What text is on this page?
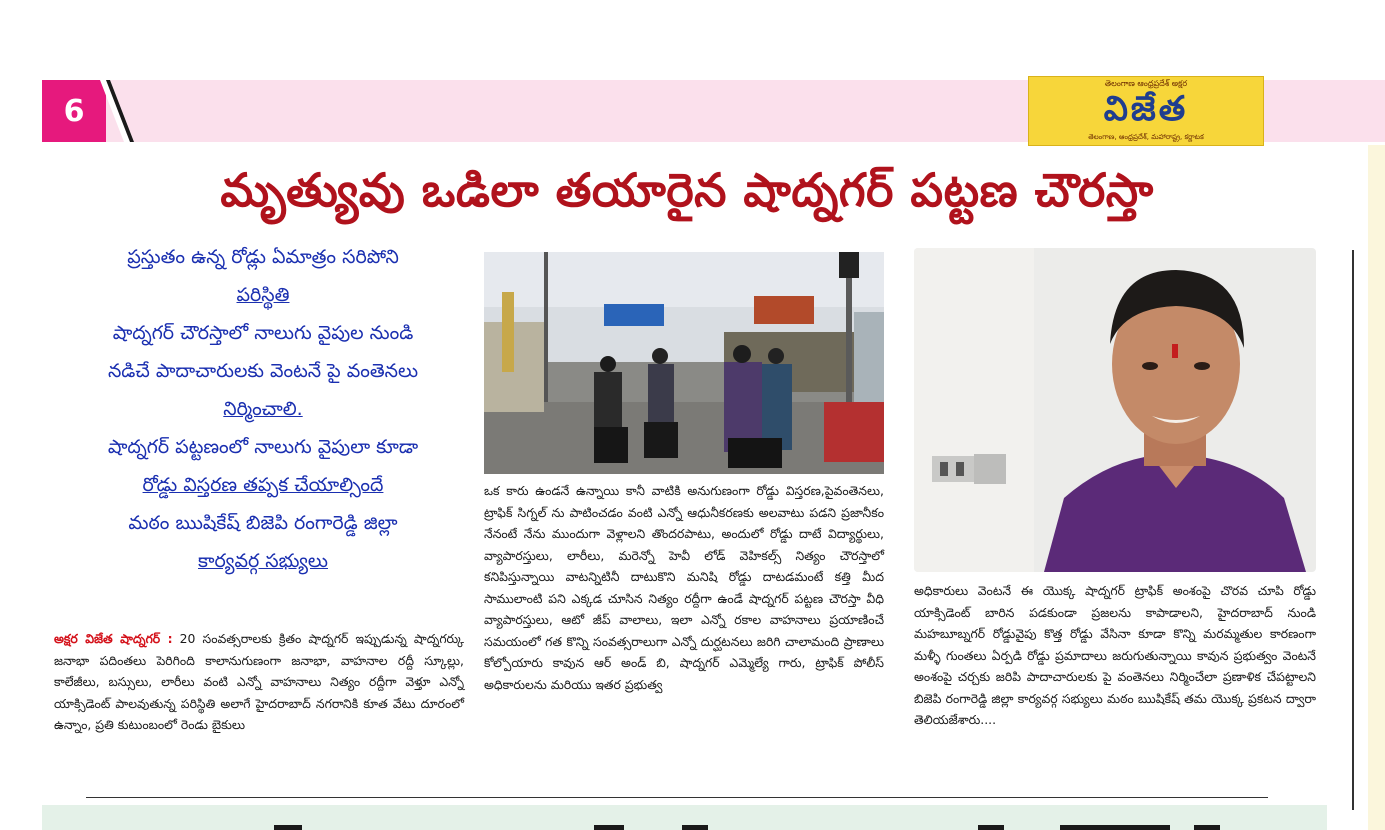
6
తెలంగాణ ఆంధ్రప్రదేశ్ అక్షర
విజేత
తెలంగాణ, ఆంధ్రప్రదేశ్, మహారాష్ట్ర, కర్ణాటక
మృత్యువు ఒడిలా తయారైన షాద్నగర్ పట్టణ చౌరస్తా
ప్రస్తుతం ఉన్న రోడ్లు ఏమాత్రం సరిపోని
పరిస్థితి
షాద్నగర్ చౌరస్తాలో నాలుగు వైపుల నుండి
నడిచే పాదాచారులకు వెంటనే పై వంతెనలు
నిర్మించాలి.
షాద్నగర్ పట్టణంలో నాలుగు వైపులా కూడా
రోడ్డు విస్తరణ తప్పక చేయాల్సిందే
మఠం ఋషికేష్ బిజెపి రంగారెడ్డి జిల్లా
కార్యవర్గ సభ్యులు
అక్షర విజేత షాద్నగర్ : 20 సంవత్సరాలకు క్రితం షాద్నగర్ ఇప్పుడున్న షాద్నగర్కు జనాభా పదింతలు పెరిగింది కాలానుగుణంగా జనాభా, వాహనాల రద్దీ స్కూల్లు, కాలేజీలు, బస్సులు, లారీలు వంటి ఎన్నో వాహనాలు నిత్యం రద్దీగా వెళ్తూ ఎన్నో యాక్సిడెంట్ పాలవుతున్న పరిస్థితి అలాగే హైదరాబాద్ నగరానికి కూత వేటు దూరంలో ఉన్నాం, ప్రతి కుటుంబంలో రెండు బైకులు
ఒక కారు ఉండనే ఉన్నాయి కానీ వాటికి అనుగుణంగా రోడ్డు విస్తరణ,పైవంతెనలు, ట్రాఫిక్ సిగ్నల్ ను పాటించడం వంటి ఎన్నో ఆధునీకరణకు అలవాటు పడని ప్రజానీకం నేనంటే నేను ముందుగా వెళ్లాలని తొందరపాటు, అందులో రోడ్డు దాటే విద్యార్థులు, వ్యాపారస్తులు, లారీలు, మరెన్నో హెవీ లోడ్ వెహికల్స్ నిత్యం చౌరస్తాలో కనిపిస్తున్నాయి వాటన్నిటినీ దాటుకొని మనిషి రోడ్డు దాటడమంటే కత్తి మీద సాములాంటి పని ఎక్కడ చూసిన నిత్యం రద్దీగా ఉండే షాద్నగర్ పట్టణ చౌరస్తా వీధి వ్యాపారస్తులు, ఆటో జీప్ వాలాలు, ఇలా ఎన్నో రకాల వాహనాలు ప్రయాణించే సమయంలో గత కొన్ని సంవత్సరాలుగా ఎన్నో దుర్ఘటనలు జరిగి చాలామంది ప్రాణాలు కోల్పోయారు కావున ఆర్ అండ్ బి, షాద్నగర్ ఎమ్మెల్యే గారు, ట్రాఫిక్ పోలీస్ అధికారులను మరియు ఇతర ప్రభుత్వ
అధికారులు వెంటనే ఈ యొక్క షాద్నగర్ ట్రాఫిక్ అంశంపై చొరవ చూపి రోడ్డు యాక్సిడెంట్ బారిన పడకుండా ప్రజలను కాపాడాలని, హైదరాబాద్ నుండి మహబూబ్నగర్ రోడ్డువైపు కొత్త రోడ్డు వేసినా కూడా కొన్ని మరమ్మతుల కారణంగా మళ్ళీ గుంతలు ఏర్పడి రోడ్డు ప్రమాదాలు జరుగుతున్నాయి కావున ప్రభుత్వం వెంటనే అంశంపై చర్చకు జరిపి పాదాచారులకు పై వంతెనలు నిర్మించేలా ప్రణాళిక చేపట్టాలని బిజెపి రంగారెడ్డి జిల్లా కార్యవర్గ సభ్యులు మఠం ఋషికేష్ తమ యొక్క ప్రకటన ద్వారా తెలియజేశారు....
